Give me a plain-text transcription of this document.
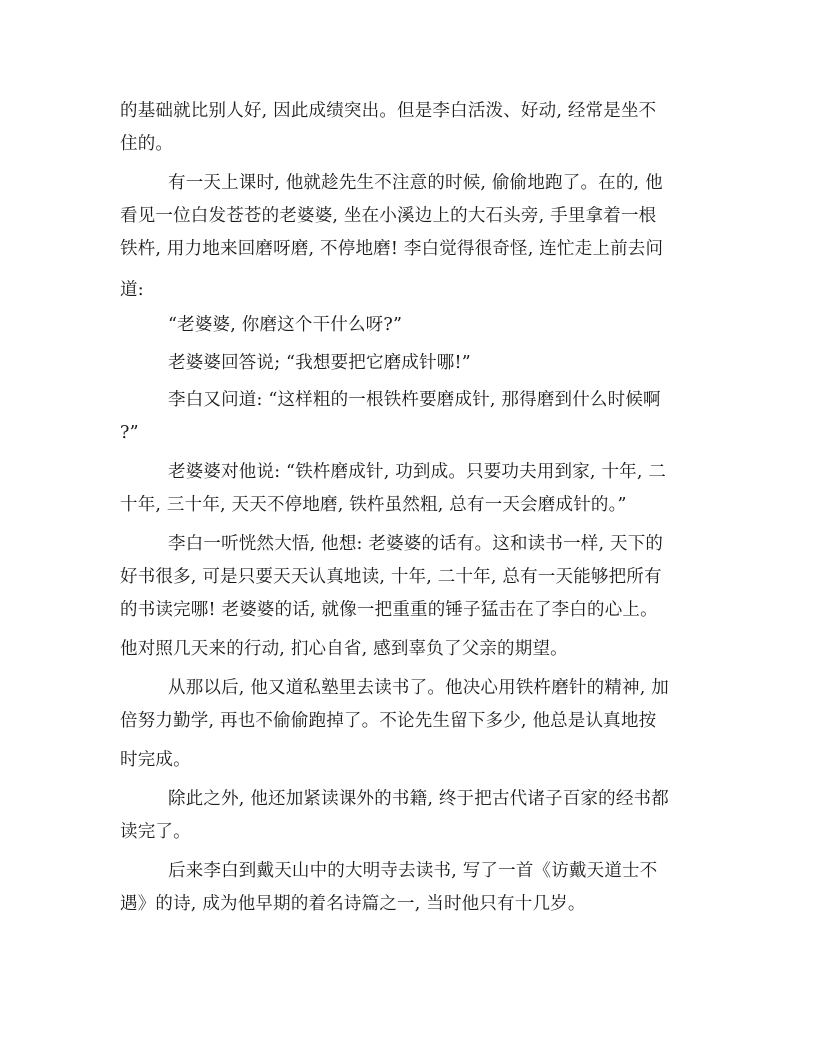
的基础就比别人好, 因此成绩突出。但是李白活泼、好动, 经常是坐不

住的。

有一天上课时, 他就趁先生不注意的时候, 偷偷地跑了。在的, 他

看见一位白发苍苍的老婆婆, 坐在小溪边上的大石头旁, 手里拿着一根

铁杵, 用力地来回磨呀磨, 不停地磨! 李白觉得很奇怪, 连忙走上前去问

道:

“老婆婆, 你磨这个干什么呀?”

老婆婆回答说; “我想要把它磨成针哪!”

李白又问道: “这样粗的一根铁杵要磨成针, 那得磨到什么时候啊

?”

老婆婆对他说: “铁杵磨成针, 功到成。只要功夫用到家, 十年, 二

十年, 三十年, 天天不停地磨, 铁杵虽然粗, 总有一天会磨成针的。”

李白一听恍然大悟, 他想: 老婆婆的话有。这和读书一样, 天下的

好书很多, 可是只要天天认真地读, 十年, 二十年, 总有一天能够把所有

的书读完哪! 老婆婆的话, 就像一把重重的锤子猛击在了李白的心上。

他对照几天来的行动, 扪心自省, 感到辜负了父亲的期望。

从那以后, 他又道私塾里去读书了。他决心用铁杵磨针的精神, 加

倍努力勤学, 再也不偷偷跑掉了。不论先生留下多少, 他总是认真地按

时完成。

除此之外, 他还加紧读课外的书籍, 终于把古代诸子百家的经书都

读完了。

后来李白到戴天山中的大明寺去读书, 写了一首《访戴天道士不

遇》的诗, 成为他早期的着名诗篇之一, 当时他只有十几岁。
